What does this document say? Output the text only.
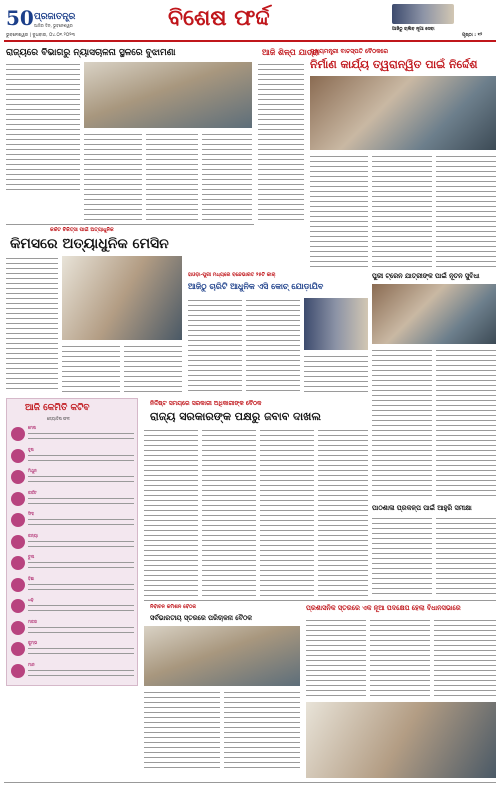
50 ପ୍ରଜାତନ୍ତ୍ର
ଆଜିର ଦିନ, ଭୁବନେଶ୍ୱର	ବିଶେଷ ଫର୍ଦ୍ଦ	ଆଜିଠୁ ଚାଲିବ ନୂଆ ସେବା
ଭୁବନେଶ୍ୱର | ବୁଧବାର, ୦୪.୦୧.୨୦୨୩	ପୃଷ୍ଠା : ୧୨
ରାଜ୍ୟରେ ବିଭାଗରୁ ନ୍ୟାସଚାଳନା ସ୍ଥଳରେ ବୁଝାମଣା	ଆଜି ଶିଳ୍ପ ଯାତ୍ରା
ମୁଖ୍ୟମନ୍ତ୍ରୀ ବାଚସ୍ପତି ବୈଠକରେ
ନିର୍ମାଣ କାର୍ଯ୍ୟ ତ୍ୱରାନ୍ୱିତ ପାଇଁ ନିର୍ଦ୍ଦେଶ
କର୍କଟ ଚିକିତ୍ସା ପାଇଁ ଅତ୍ୟାଧୁନିକ
କିମସରେ ଅତ୍ୟାଧୁନିକ ମେସିନ
ହାଓଡ଼ା-ପୁରୀ ମଧ୍ୟରେ ବନ୍ଦେଭାରତ ୨୫ଟି କାର୍
ଆଜିଠୁ ଚାରିଟି ଆଧୁନିକ ଏସି କୋଚ୍ ଯୋଡ଼ାଯିବ
ପୁରୀ ଟ୍ରେନ ଯାତ୍ରୀଙ୍କ ପାଇଁ ନୂତନ ସୁବିଧା
ଆଜି କେମିତି କଟିବ
ଜ୍ୟୋତିଷ ଫଳ
ମେଷ
ବୃଷ
ମିଥୁନ
କର୍କଟ
ସିଂହ
କନ୍ୟା
ତୁଳା
ବିଛା
ଧନୁ
ମକର
କୁମ୍ଭ
ମୀନ
ନିର୍ଦ୍ଦିଷ୍ଟ ସମୟରେ ସରକାରୀ ଅଧିକାରୀଙ୍କ ବୈଠକ
ରାଜ୍ୟ ସରକାରଙ୍କ ପକ୍ଷରୁ ଜବାବ ଦାଖଲ
ପାଠଶାଳା ପ୍ରକଳ୍ପ ପାଇଁ ଆହୁରି ସମୀକ୍ଷା
ନିର୍ବାଚନ କମିଶନ ବୈଠକ
ସର୍ବଭାରତୀୟ ସ୍ତରରେ ପରିଚାଳନା ବୈଠକ
ପ୍ରଶାସନିକ ସ୍ତରରେ ଏକ ନୂଆ ପଦକ୍ଷେପ ହେଲା ବିଧାନସଭାରେ
